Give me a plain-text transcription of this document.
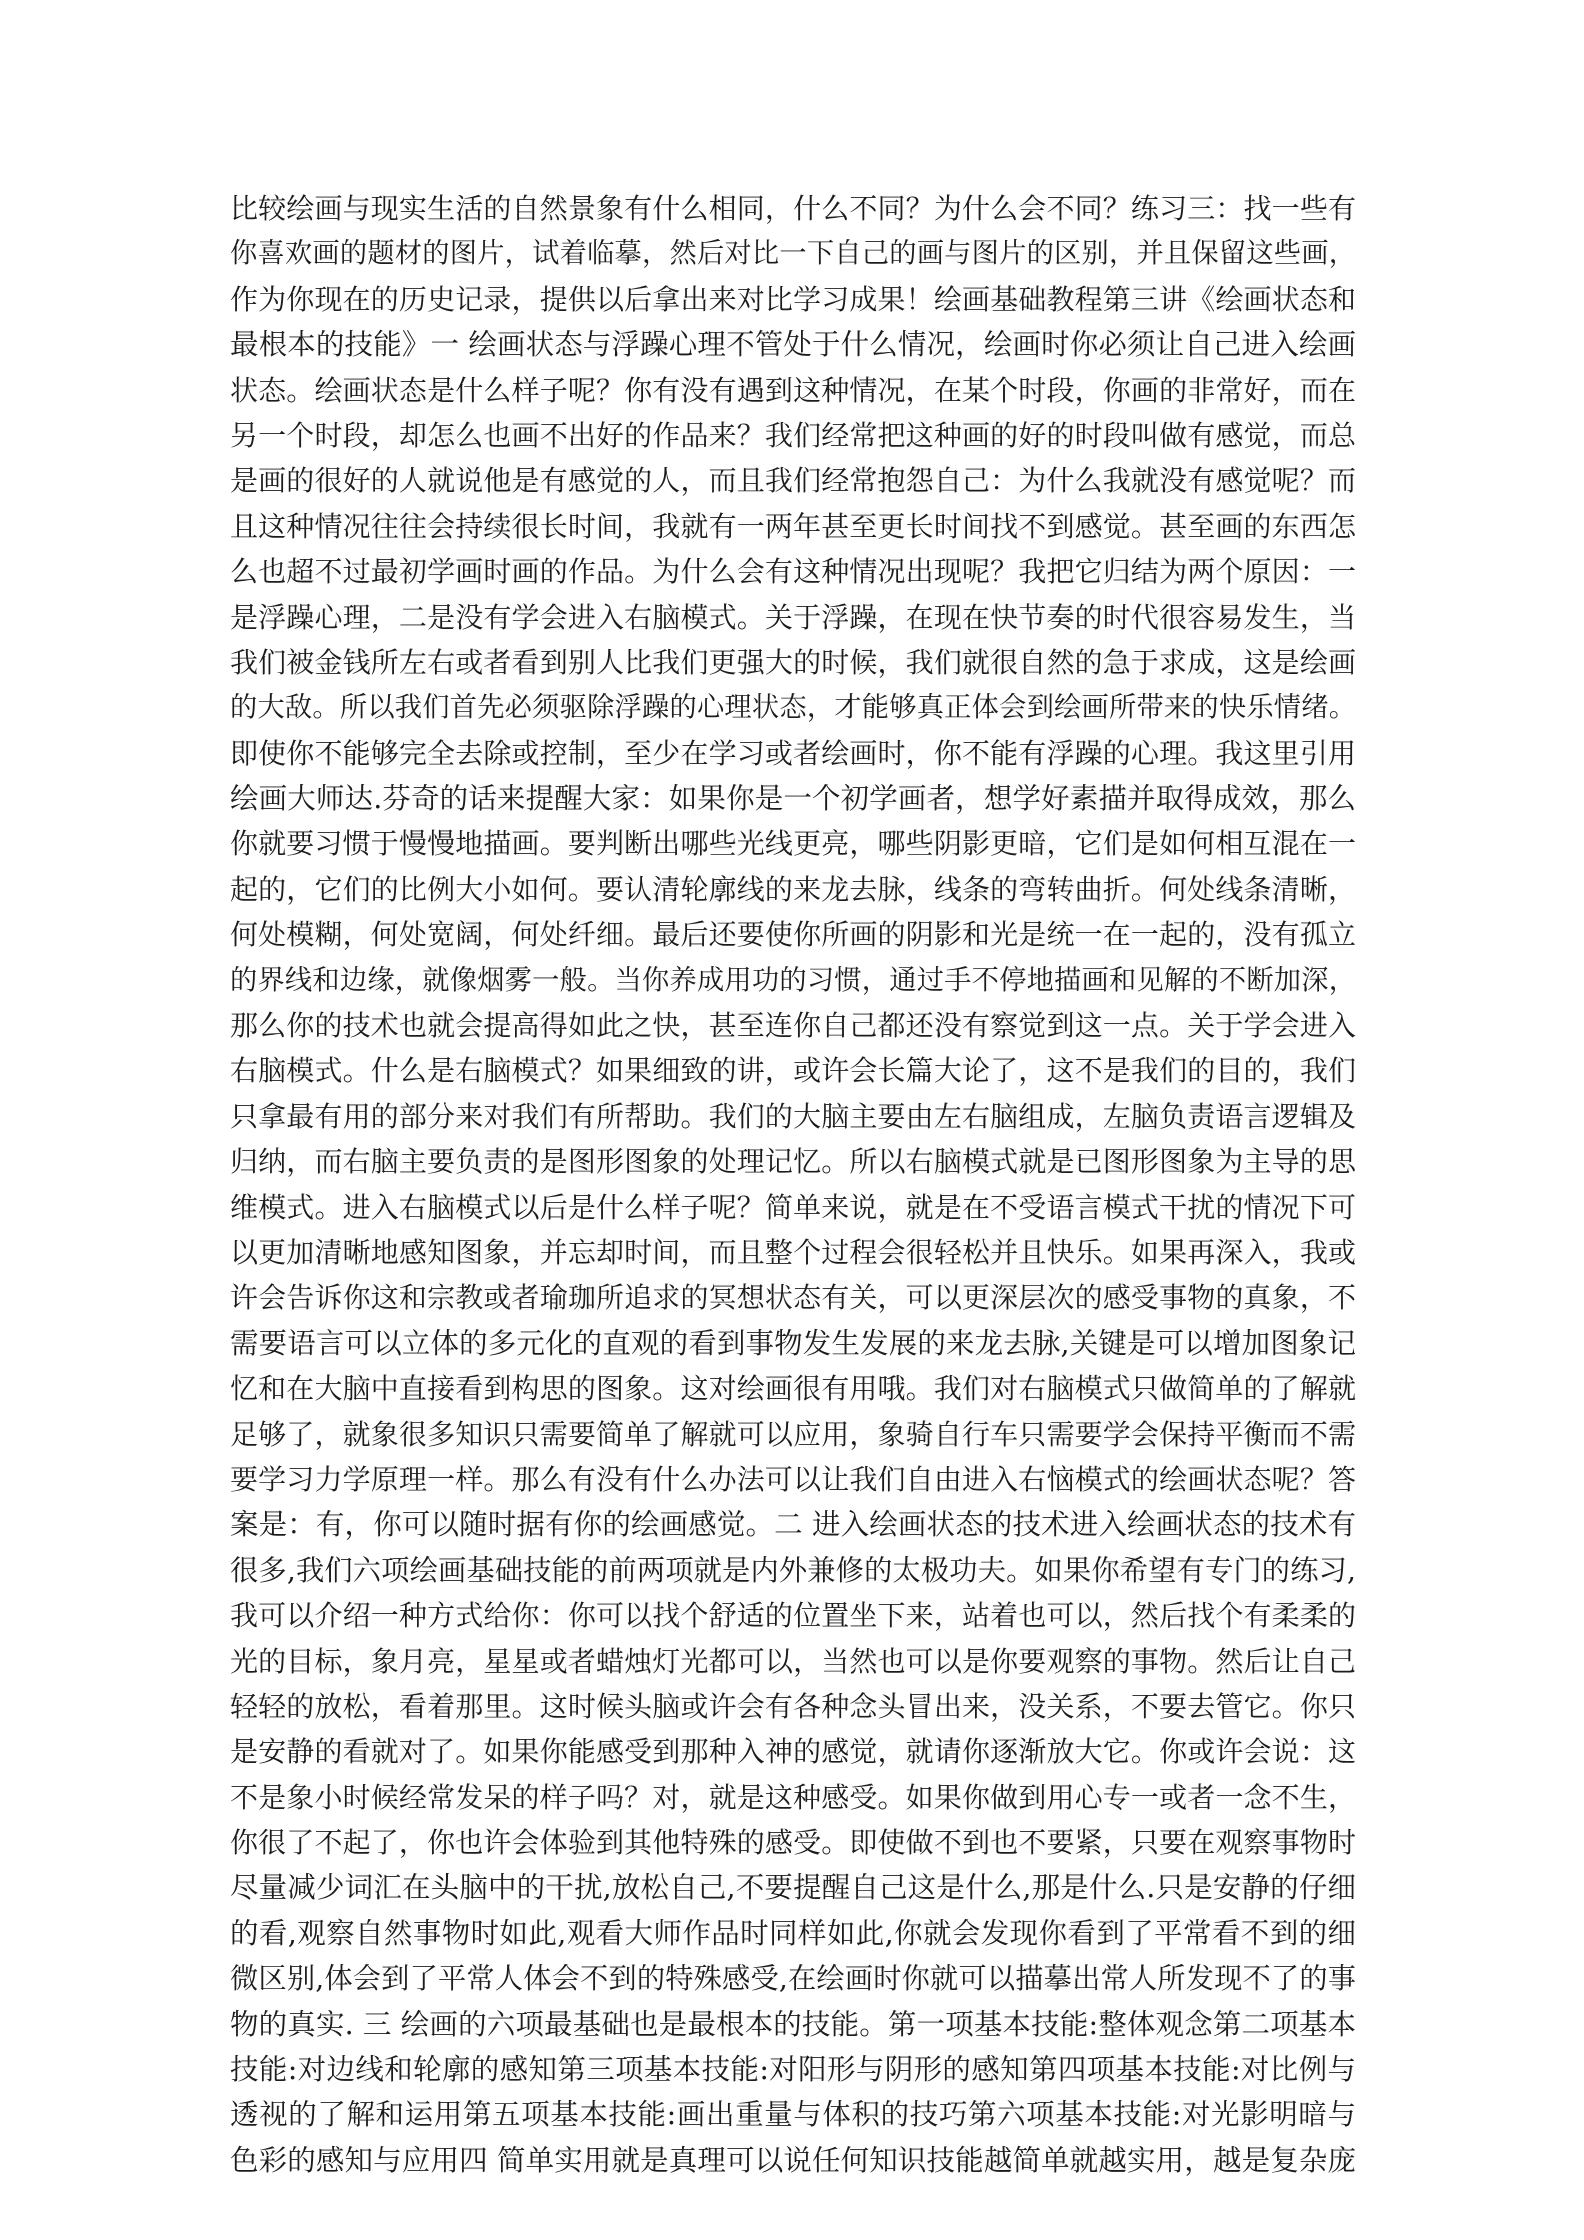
比较绘画与现实生活的自然景象有什么相同，什么不同？为什么会不同？练习三：找一些有
你喜欢画的题材的图片，试着临摹，然后对比一下自己的画与图片的区别，并且保留这些画，
作为你现在的历史记录，提供以后拿出来对比学习成果！绘画基础教程第三讲《绘画状态和
最根本的技能》一 绘画状态与浮躁心理不管处于什么情况，绘画时你必须让自己进入绘画
状态。绘画状态是什么样子呢？你有没有遇到这种情况，在某个时段，你画的非常好，而在
另一个时段，却怎么也画不出好的作品来？我们经常把这种画的好的时段叫做有感觉，而总
是画的很好的人就说他是有感觉的人，而且我们经常抱怨自己：为什么我就没有感觉呢？而
且这种情况往往会持续很长时间，我就有一两年甚至更长时间找不到感觉。甚至画的东西怎
么也超不过最初学画时画的作品。为什么会有这种情况出现呢？我把它归结为两个原因：一
是浮躁心理，二是没有学会进入右脑模式。关于浮躁，在现在快节奏的时代很容易发生，当
我们被金钱所左右或者看到别人比我们更强大的时候，我们就很自然的急于求成，这是绘画
的大敌。所以我们首先必须驱除浮躁的心理状态，才能够真正体会到绘画所带来的快乐情绪。
即使你不能够完全去除或控制，至少在学习或者绘画时，你不能有浮躁的心理。我这里引用
绘画大师达.芬奇的话来提醒大家：如果你是一个初学画者，想学好素描并取得成效，那么
你就要习惯于慢慢地描画。要判断出哪些光线更亮，哪些阴影更暗，它们是如何相互混在一
起的，它们的比例大小如何。要认清轮廓线的来龙去脉，线条的弯转曲折。何处线条清晰，
何处模糊，何处宽阔，何处纤细。最后还要使你所画的阴影和光是统一在一起的，没有孤立
的界线和边缘，就像烟雾一般。当你养成用功的习惯，通过手不停地描画和见解的不断加深，
那么你的技术也就会提高得如此之快，甚至连你自己都还没有察觉到这一点。关于学会进入
右脑模式。什么是右脑模式？如果细致的讲，或许会长篇大论了，这不是我们的目的，我们
只拿最有用的部分来对我们有所帮助。我们的大脑主要由左右脑组成，左脑负责语言逻辑及
归纳，而右脑主要负责的是图形图象的处理记忆。所以右脑模式就是已图形图象为主导的思
维模式。进入右脑模式以后是什么样子呢？简单来说，就是在不受语言模式干扰的情况下可
以更加清晰地感知图象，并忘却时间，而且整个过程会很轻松并且快乐。如果再深入，我或
许会告诉你这和宗教或者瑜珈所追求的冥想状态有关，可以更深层次的感受事物的真象，不
需要语言可以立体的多元化的直观的看到事物发生发展的来龙去脉,关键是可以增加图象记
忆和在大脑中直接看到构思的图象。这对绘画很有用哦。我们对右脑模式只做简单的了解就
足够了，就象很多知识只需要简单了解就可以应用，象骑自行车只需要学会保持平衡而不需
要学习力学原理一样。那么有没有什么办法可以让我们自由进入右恼模式的绘画状态呢？答
案是：有，你可以随时据有你的绘画感觉。二 进入绘画状态的技术进入绘画状态的技术有
很多,我们六项绘画基础技能的前两项就是内外兼修的太极功夫。如果你希望有专门的练习,
我可以介绍一种方式给你：你可以找个舒适的位置坐下来，站着也可以，然后找个有柔柔的
光的目标，象月亮，星星或者蜡烛灯光都可以，当然也可以是你要观察的事物。然后让自己
轻轻的放松，看着那里。这时候头脑或许会有各种念头冒出来，没关系，不要去管它。你只
是安静的看就对了。如果你能感受到那种入神的感觉，就请你逐渐放大它。你或许会说：这
不是象小时候经常发呆的样子吗？对，就是这种感受。如果你做到用心专一或者一念不生，
你很了不起了，你也许会体验到其他特殊的感受。即使做不到也不要紧，只要在观察事物时
尽量减少词汇在头脑中的干扰,放松自己,不要提醒自己这是什么,那是什么.只是安静的仔细
的看,观察自然事物时如此,观看大师作品时同样如此,你就会发现你看到了平常看不到的细
微区别,体会到了平常人体会不到的特殊感受,在绘画时你就可以描摹出常人所发现不了的事
物的真实. 三 绘画的六项最基础也是最根本的技能。第一项基本技能:整体观念第二项基本
技能:对边线和轮廓的感知第三项基本技能:对阳形与阴形的感知第四项基本技能:对比例与
透视的了解和运用第五项基本技能:画出重量与体积的技巧第六项基本技能:对光影明暗与
色彩的感知与应用四 简单实用就是真理可以说任何知识技能越简单就越实用，越是复杂庞
